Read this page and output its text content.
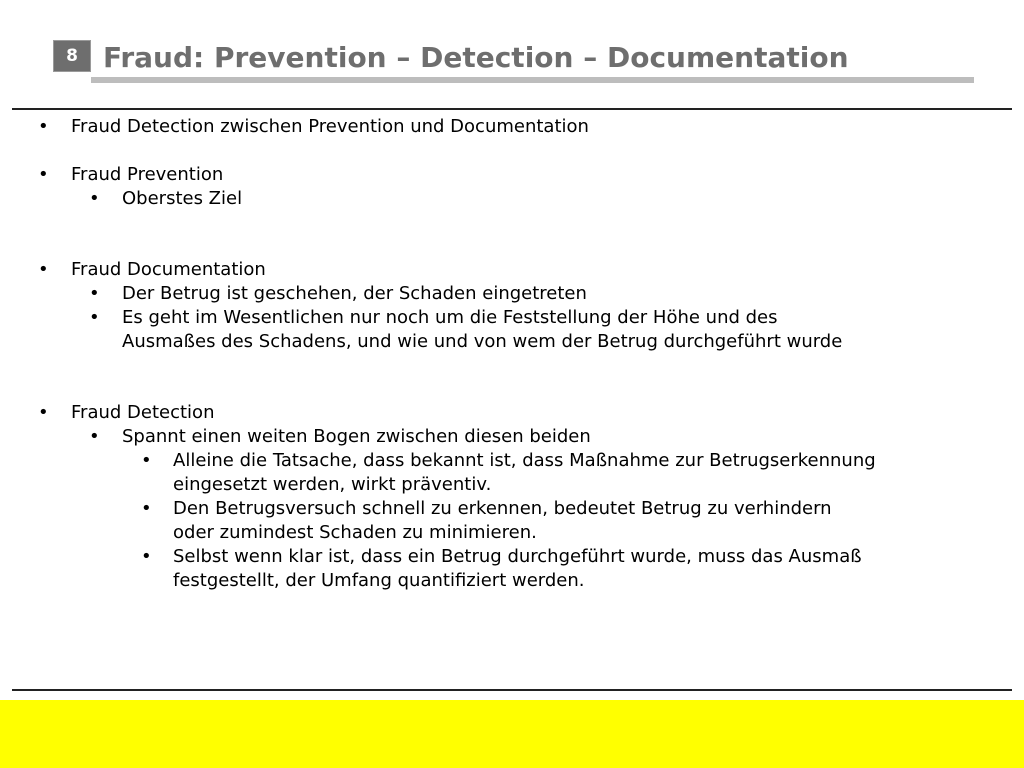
8 Fraud: Prevention – Detection – Documentation
• Fraud Detection zwischen Prevention und Documentation
• Fraud Prevention
• Oberstes Ziel
• Fraud Documentation
• Der Betrug ist geschehen, der Schaden eingetreten
• Es geht im Wesentlichen nur noch um die Feststellung der Höhe und des
Ausmaßes des Schadens, und wie und von wem der Betrug durchgeführt wurde
• Fraud Detection
• Spannt einen weiten Bogen zwischen diesen beiden
• Alleine die Tatsache, dass bekannt ist, dass Maßnahme zur Betrugserkennung
eingesetzt werden, wirkt präventiv.
• Den Betrugsversuch schnell zu erkennen, bedeutet Betrug zu verhindern
oder zumindest Schaden zu minimieren.
• Selbst wenn klar ist, dass ein Betrug durchgeführt wurde, muss das Ausmaß
festgestellt, der Umfang quantifiziert werden.
